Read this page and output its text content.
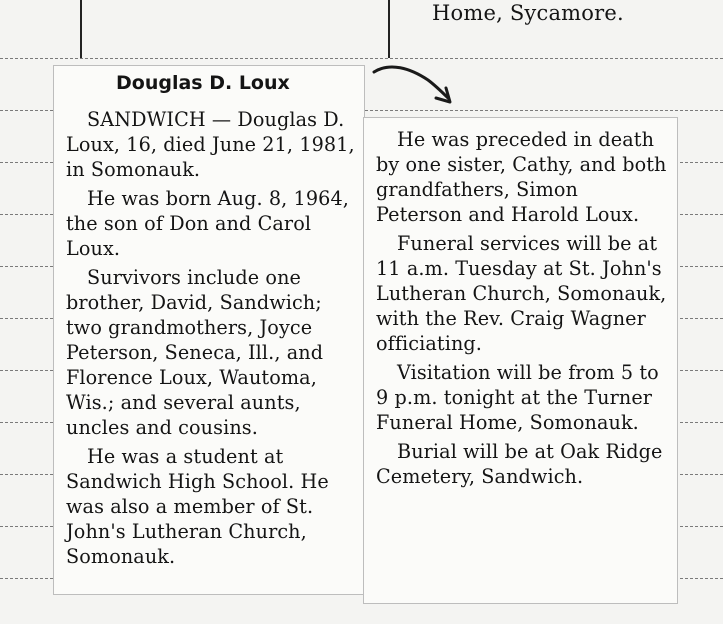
Home, Sycamore.
Douglas D. Loux

SANDWICH — Douglas D. Loux, 16, died June 21, 1981, in Somonauk.

He was born Aug. 8, 1964, the son of Don and Carol Loux.

Survivors include one brother, David, Sandwich; two grandmothers, Joyce Peterson, Seneca, Ill., and Florence Loux, Wautoma, Wis.; and several aunts, uncles and cousins.

He was a student at Sandwich High School. He was also a member of St. John's Lutheran Church, Somonauk.

He was preceded in death by one sister, Cathy, and both grandfathers, Simon Peterson and Harold Loux.

Funeral services will be at 11 a.m. Tuesday at St. John's Lutheran Church, Somonauk, with the Rev. Craig Wagner officiating.

Visitation will be from 5 to 9 p.m. tonight at the Turner Funeral Home, Somonauk.

Burial will be at Oak Ridge Cemetery, Sandwich.
